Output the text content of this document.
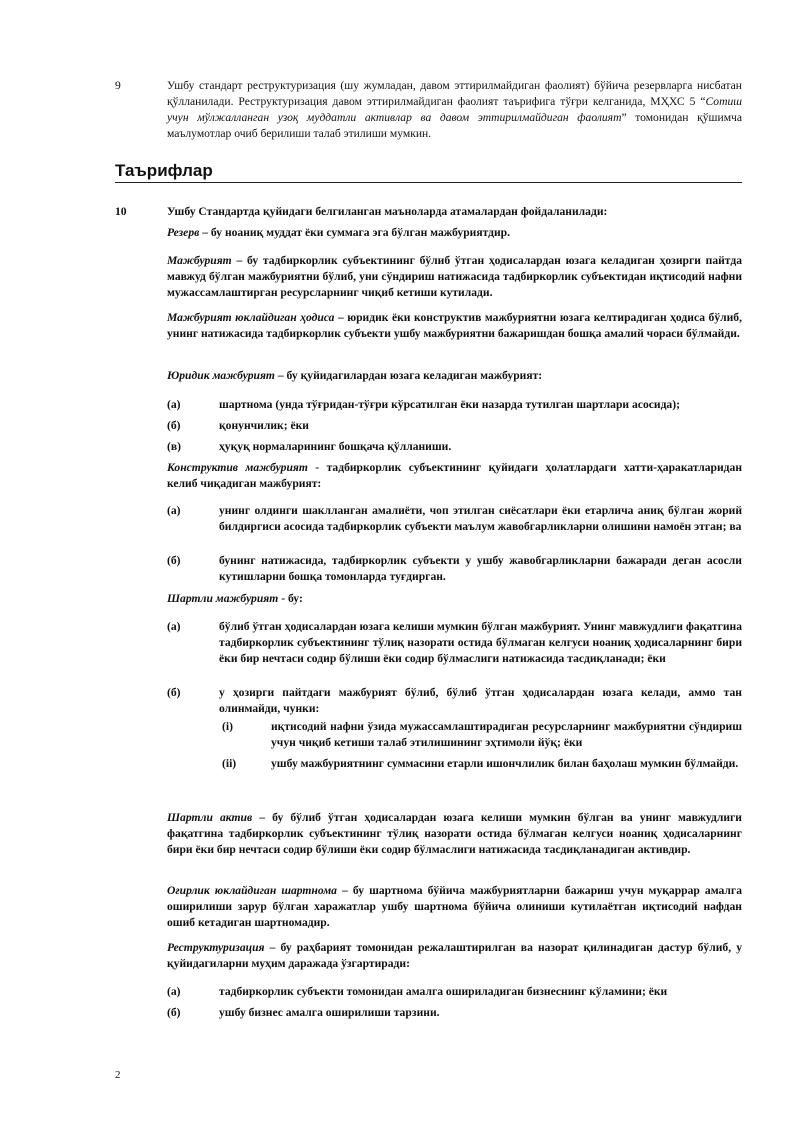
9	Ушбу стандарт реструктуризация (шу жумладан, давом эттирилмайдиган фаолият) бўйича резервларга нисбатан қўлланилади. Реструктуризация давом эттирилмайдиган фаолият таърифига тўғри келганида, МҲХС 5 “Сотиш учун мўлжалланган узоқ муддатли активлар ва давом эттирилмайдиган фаолият” томонидан қўшимча маълумотлар очиб берилиши талаб этилиши мумкин.
Таърифлар
10	Ушбу Стандартда қуйидаги белгиланган маъноларда атамалардан фойдаланилади:
Резерв – бу ноаниқ муддат ёки суммага эга бўлган мажбуриятдир.
Мажбурият – бу тадбиркорлик субъектининг бўлиб ўтган ҳодисалардан юзага келадиган ҳозирги пайтда мавжуд бўлган мажбуриятни бўлиб, уни сўндириш натижасида тадбиркорлик субъектидан иқтисодий нафни мужассамлаштирган ресурсларнинг чиқиб кетиши кутилади.
Мажбурият юклайдиган ҳодиса – юридик ёки конструктив мажбуриятни юзага келтирадиган ҳодиса бўлиб, унинг натижасида тадбиркорлик субъекти ушбу мажбуриятни бажаришдан бошқа амалий чораси бўлмайди.
Юридик мажбурият – бу қуйидагилардан юзага келадиган мажбурият:
(а)	шартнома (унда тўғридан-тўғри кўрсатилган ёки назарда тутилган шартлари асосида);
(б)	қонунчилик; ёки
(в)	ҳуқуқ нормаларининг бошқача қўлланиши.
Конструктив мажбурият - тадбиркорлик субъектининг қуйидаги ҳолатлардаги хатти-ҳаракатларидан келиб чиқадиган мажбурият:
(а)	унинг олдинги шаклланган амалиёти, чоп этилган сиёсатлари ёки етарлича аниқ бўлган жорий билдиргиси асосида тадбиркорлик субъекти маълум жавобгарликларни олишини намоён этган; ва
(б)	бунинг натижасида, тадбиркорлик субъекти у ушбу жавобгарликларни бажаради деган асосли кутишларни бошқа томонларда туғдирган.
Шартли мажбурият - бу:
(а)	бўлиб ўтган ҳодисалардан юзага келиши мумкин бўлган мажбурият. Унинг мавжудлиги фақатгина тадбиркорлик субъектининг тўлиқ назорати остида бўлмаган келгуси ноаниқ ҳодисаларнинг бири ёки бир нечтаси содир бўлиши ёки содир бўлмаслиги натижасида тасдиқланади; ёки
(б)	у ҳозирги пайтдаги мажбурият бўлиб, бўлиб ўтган ҳодисалардан юзага келади, аммо тан олинмайди, чунки:
(i)	иқтисодий нафни ўзида мужассамлаштирадиган ресурсларнинг мажбуриятни сўндириш учун чиқиб кетиши талаб этилишининг эҳтимоли йўқ; ёки
(ii)	ушбу мажбуриятнинг суммасини етарли ишончлилик билан баҳолаш мумкин бўлмайди.
Шартли актив – бу бўлиб ўтган ҳодисалардан юзага келиши мумкин бўлган ва унинг мавжудлиги фақатгина тадбиркорлик субъектининг тўлиқ назорати остида бўлмаган келгуси ноаниқ ҳодисаларнинг бири ёки бир нечтаси содир бўлиши ёки содир бўлмаслиги натижасида тасдиқланадиган активдир.
Оғирлик юклайдиган шартнома – бу шартнома бўйича мажбуриятларни бажариш учун муқаррар амалга оширилиши зарур бўлган харажатлар ушбу шартнома бўйича олиниши кутилаётган иқтисодий нафдан ошиб кетадиган шартномадир.
Реструктуризация – бу раҳбарият томонидан режалаштирилган ва назорат қилинадиган дастур бўлиб, у қуйидагиларни муҳим даражада ўзгартиради:
(а)	тадбиркорлик субъекти томонидан амалга ошириладиган бизнеснинг кўламини; ёки
(б)	ушбу бизнес амалга оширилиши тарзини.
2
